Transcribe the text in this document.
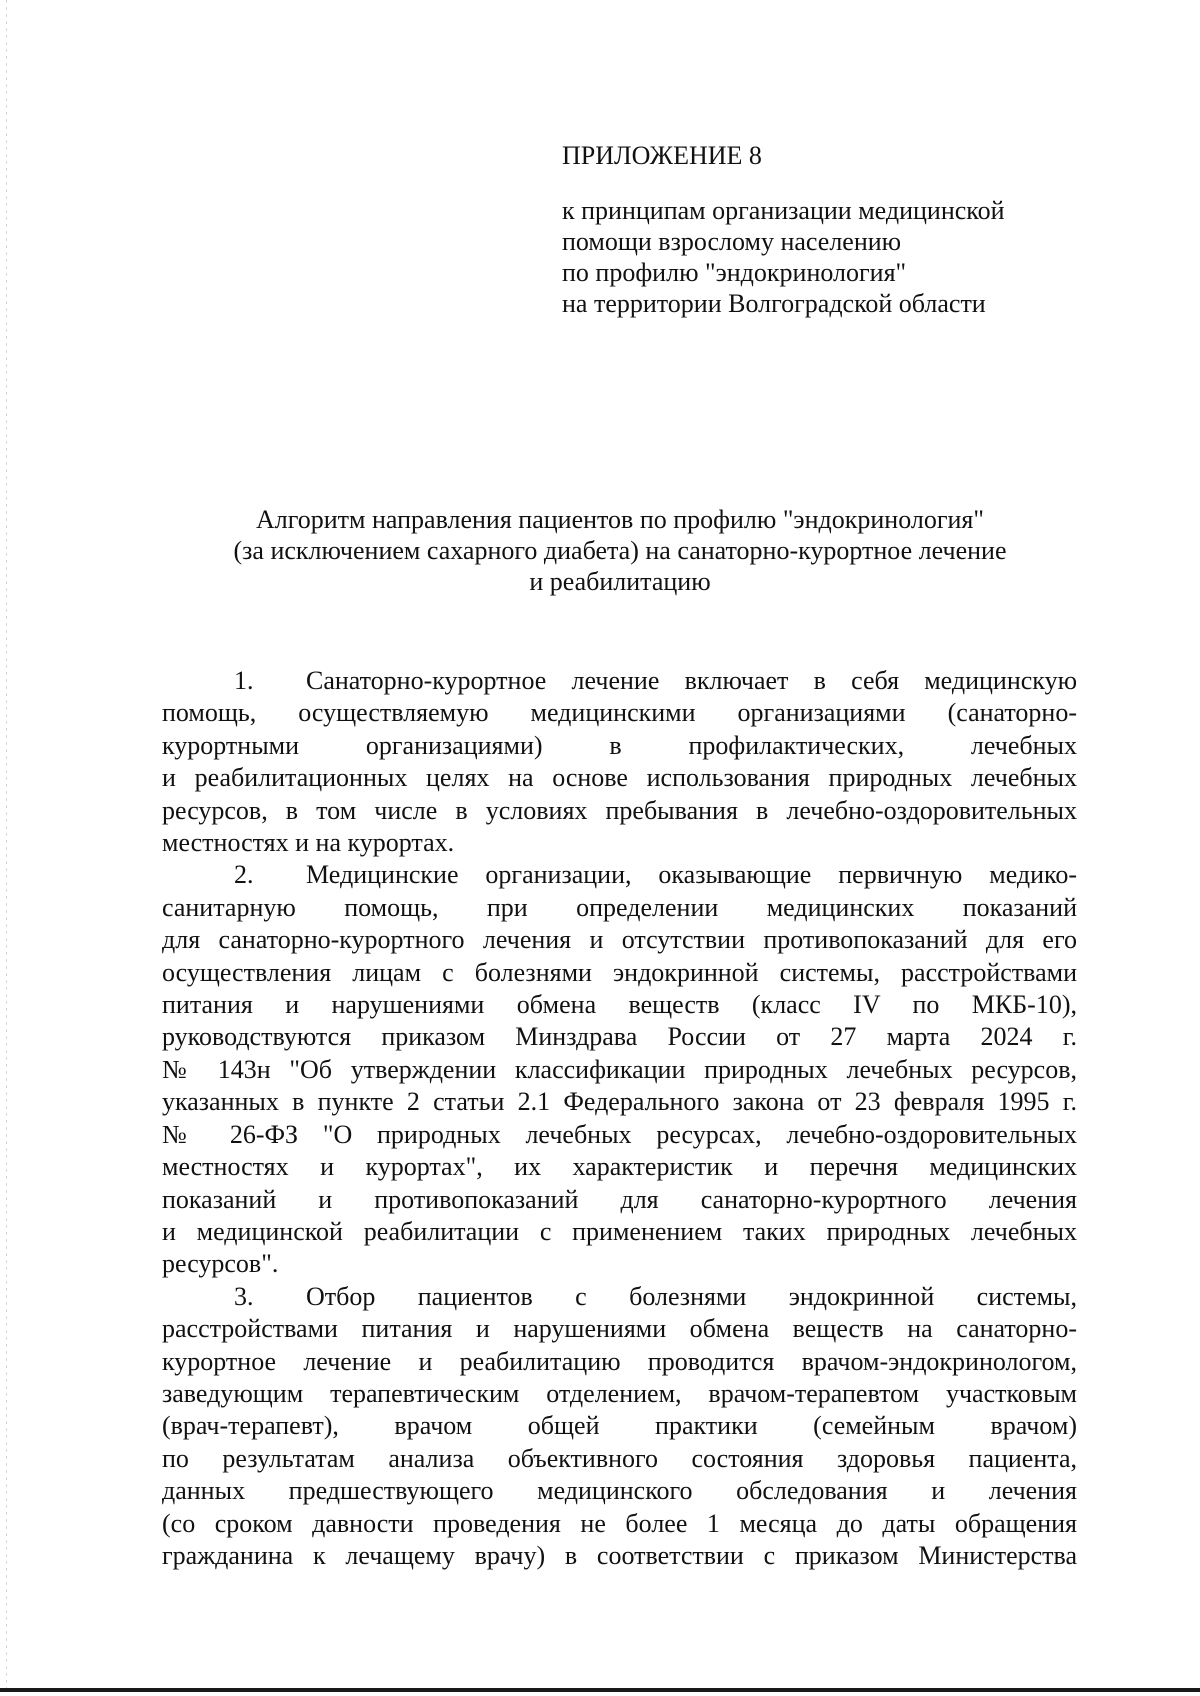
ПРИЛОЖЕНИЕ 8

к принципам организации медицинской
помощи взрослому населению
по профилю "эндокринология"
на территории Волгоградской области

Алгоритм направления пациентов по профилю "эндокринология"
(за исключением сахарного диабета) на санаторно-курортное лечение
и реабилитацию
1. Санаторно-курортное лечение включает в себя медицинскую
помощь, осуществляемую медицинскими организациями (санаторно-
курортными организациями) в профилактических, лечебных
и реабилитационных целях на основе использования природных лечебных
ресурсов, в том числе в условиях пребывания в лечебно-оздоровительных
местностях и на курортах.
2. Медицинские организации, оказывающие первичную медико-
санитарную помощь, при определении медицинских показаний
для санаторно-курортного лечения и отсутствии противопоказаний для его
осуществления лицам с болезнями эндокринной системы, расстройствами
питания и нарушениями обмена веществ (класс IV по МКБ-10),
руководствуются приказом Минздрава России от 27 марта 2024 г.
№ 143н "Об утверждении классификации природных лечебных ресурсов,
указанных в пункте 2 статьи 2.1 Федерального закона от 23 февраля 1995 г.
№ 26-ФЗ "О природных лечебных ресурсах, лечебно-оздоровительных
местностях и курортах", их характеристик и перечня медицинских
показаний и противопоказаний для санаторно-курортного лечения
и медицинской реабилитации с применением таких природных лечебных
ресурсов".
3. Отбор пациентов с болезнями эндокринной системы,
расстройствами питания и нарушениями обмена веществ на санаторно-
курортное лечение и реабилитацию проводится врачом-эндокринологом,
заведующим терапевтическим отделением, врачом-терапевтом участковым
(врач-терапевт), врачом общей практики (семейным врачом)
по результатам анализа объективного состояния здоровья пациента,
данных предшествующего медицинского обследования и лечения
(со сроком давности проведения не более 1 месяца до даты обращения
гражданина к лечащему врачу) в соответствии с приказом Министерства
